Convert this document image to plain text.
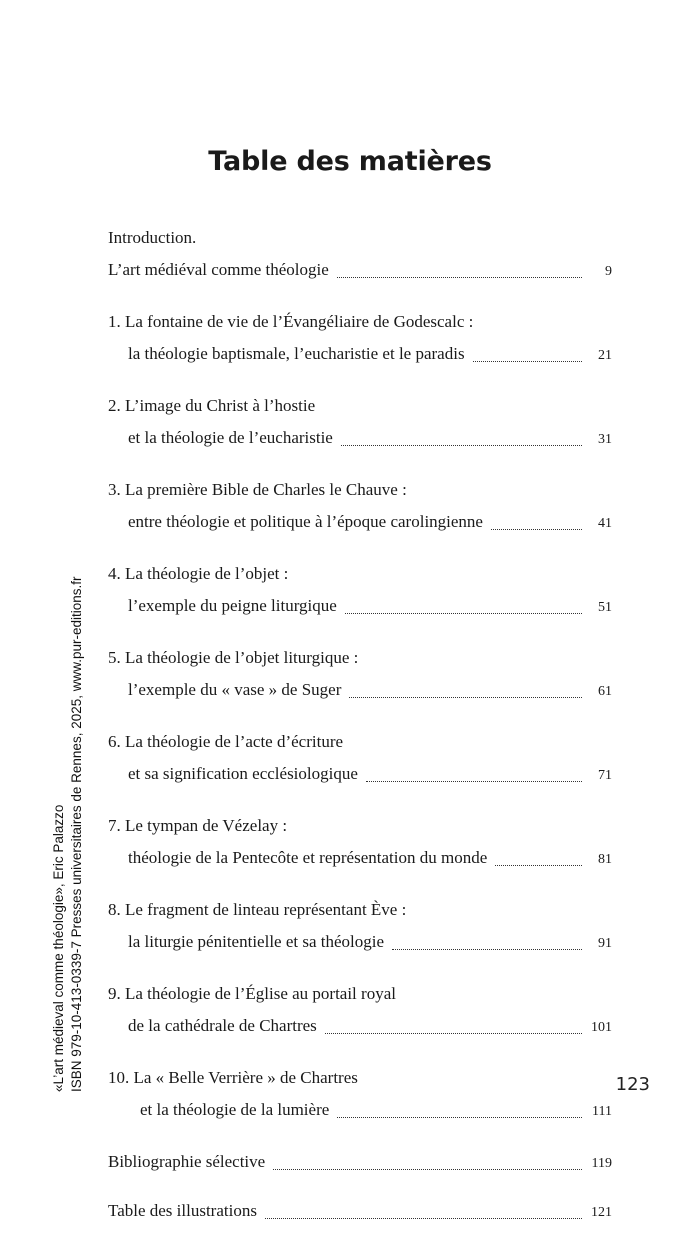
Table des matières
Introduction.
L’art médiéval comme théologie	9
1. La fontaine de vie de l’Évangéliaire de Godescalc :
la théologie baptismale, l’eucharistie et le paradis	21
2. L’image du Christ à l’hostie
et la théologie de l’eucharistie	31
3. La première Bible de Charles le Chauve :
entre théologie et politique à l’époque carolingienne	41
4. La théologie de l’objet :
l’exemple du peigne liturgique	51
5. La théologie de l’objet liturgique :
l’exemple du « vase » de Suger	61
6. La théologie de l’acte d’écriture
et sa signification ecclésiologique	71
7. Le tympan de Vézelay :
théologie de la Pentecôte et représentation du monde	81
8. Le fragment de linteau représentant Ève :
la liturgie pénitentielle et sa théologie	91
9. La théologie de l’Église au portail royal
de la cathédrale de Chartres	101
10. La « Belle Verrière » de Chartres
et la théologie de la lumière	111
Bibliographie sélective	119
Table des illustrations	121
«L’art médieval comme théologie», Eric Palazzo ISBN 979-10-413-0339-7 Presses universitaires de Rennes, 2025, www.pur-editions.fr	123
